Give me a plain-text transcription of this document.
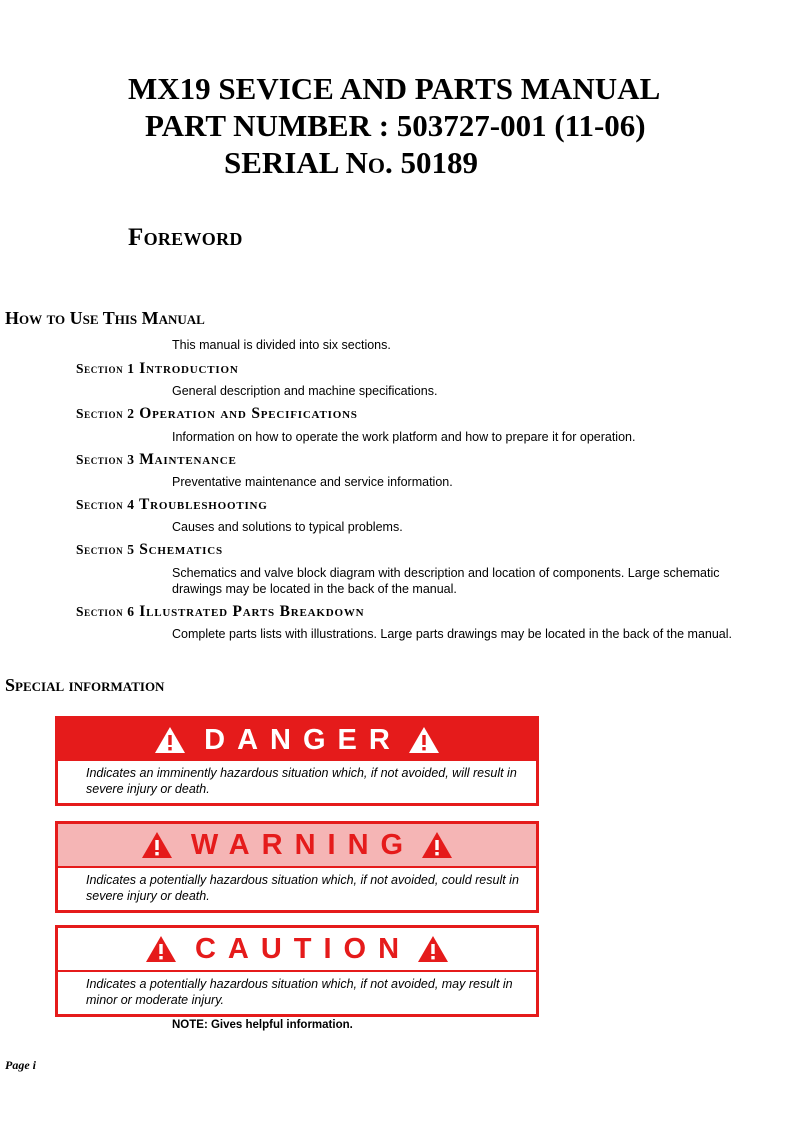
MX19 SEVICE AND PARTS MANUAL
PART NUMBER : 503727-001 (11-06)
SERIAL NO. 50189
Foreword
How to Use This Manual
This manual is divided into six sections.
Section 1 Introduction
General description and machine specifications.
Section 2 Operation and Specifications
Information on how to operate the work platform and how to prepare it for operation.
Section 3 Maintenance
Preventative maintenance and service information.
Section 4 Troubleshooting
Causes and solutions to typical problems.
Section 5 Schematics
Schematics and valve block diagram with description and location of components. Large schematic drawings may be located in the back of the manual.
Section 6 Illustrated Parts Breakdown
Complete parts lists with illustrations. Large parts drawings may be located in the back of the manual.
Special information
DANGER
Indicates an imminently hazardous situation which, if not avoided, will result in severe injury or death.
WARNING
Indicates a potentially hazardous situation which, if not avoided, could result in severe injury or death.
CAUTION
Indicates a potentially hazardous situation which, if not avoided, may result in minor or moderate injury.
NOTE: Gives helpful information.
Page i
